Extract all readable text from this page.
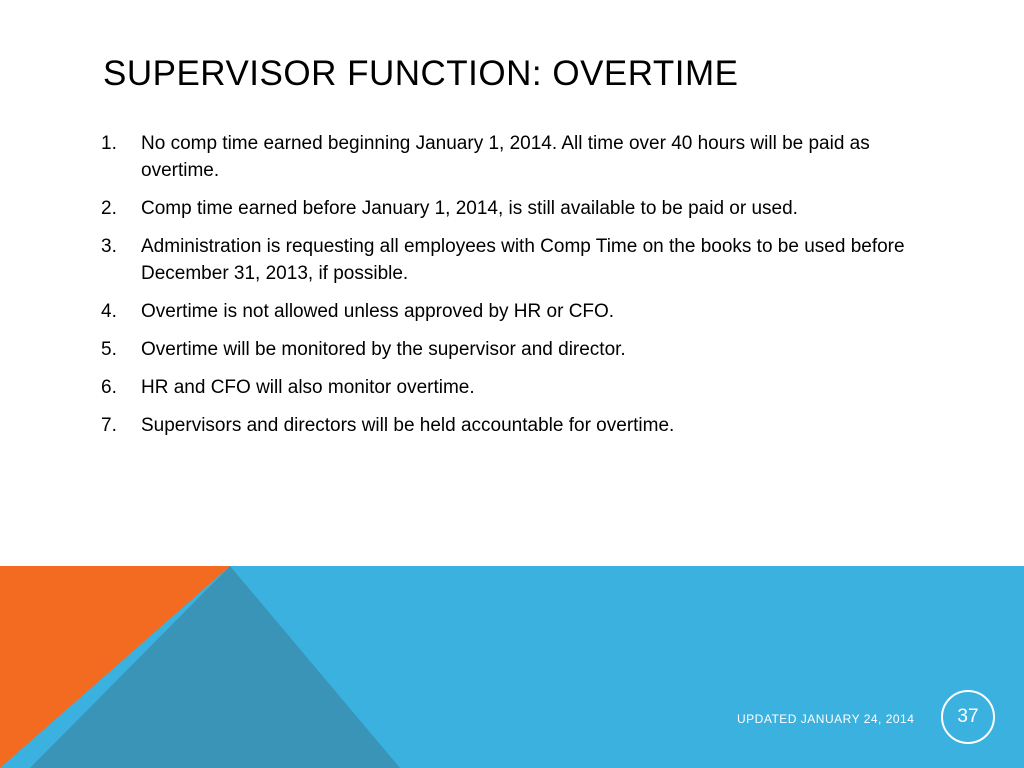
SUPERVISOR FUNCTION: OVERTIME
1.	No comp time earned beginning January 1, 2014. All time over 40 hours will be paid as overtime.
2.	Comp time earned before January 1, 2014, is still available to be paid or used.
3.	Administration is requesting all employees with Comp Time on the books to be used before December 31, 2013, if possible.
4.	Overtime is not allowed unless approved by HR or CFO.
5.	Overtime will be monitored by the supervisor and director.
6.	HR and CFO will also monitor overtime.
7.	Supervisors and directors will be held accountable for overtime.
UPDATED JANUARY 24, 2014 37
